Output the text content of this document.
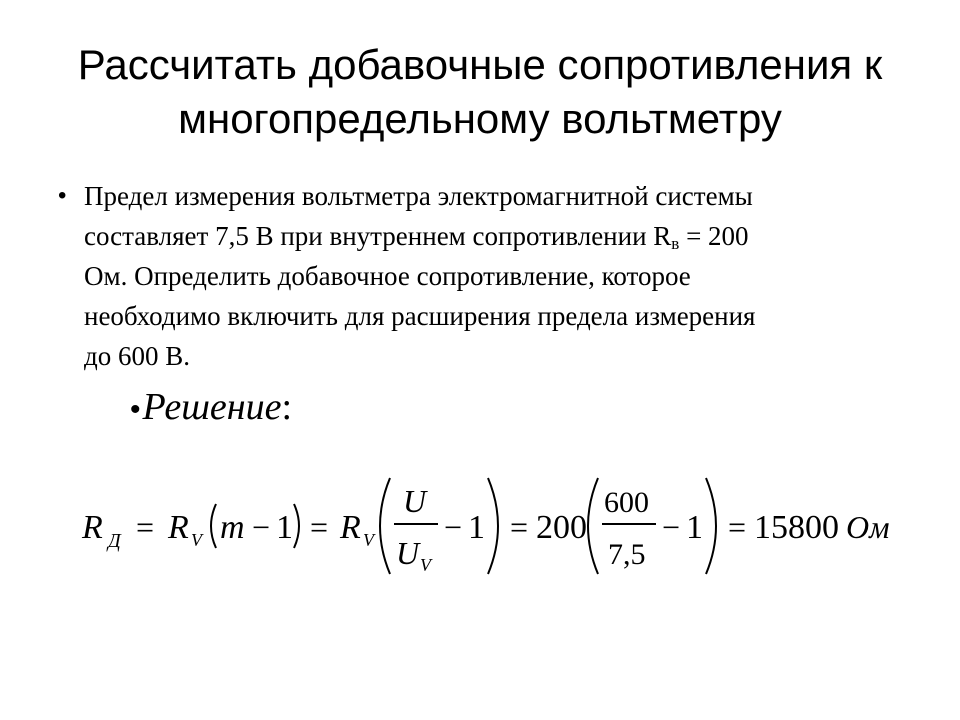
Рассчитать добавочные сопротивления к
многопредельному вольтметру
• Предел измерения вольтметра электромагнитной системы
составляет 7,5 В при внутреннем сопротивлении $R_в = 200$
Ом. Определить добавочное сопротивление, которое
необходимо включить для расширения предела измерения
до 600 В.
•Решение:
R Д = R V m − 1 = R V
U
U V
− 1 = 200
600
7,5
− 1 = 15800 Ом
